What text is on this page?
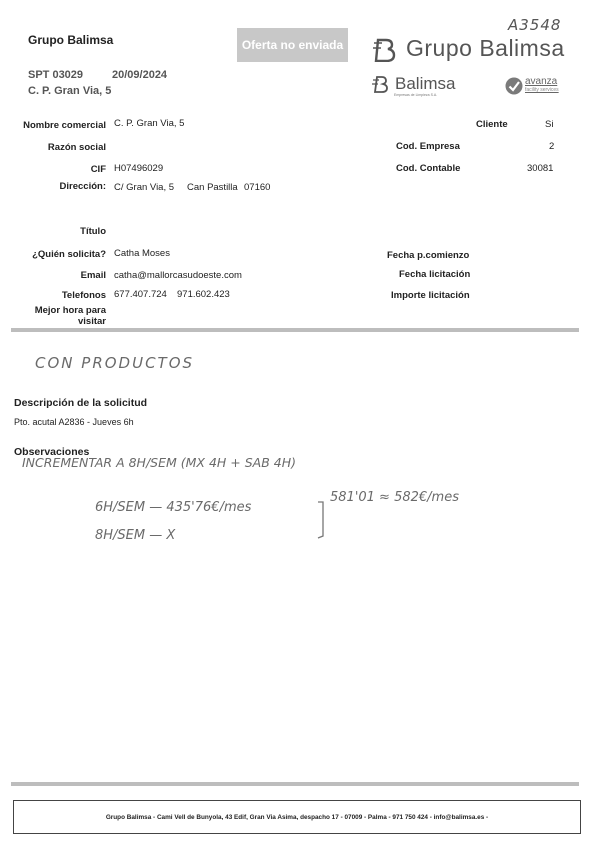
Grupo Balimsa	Oferta no enviada
A3548
Grupo Balimsa
Balimsa
Empresas de Limpieza S.A.
avanza
facility services
SPT 03029	20/09/2024
C. P. Gran Via, 5
Nombre comercial C. P. Gran Via, 5
Razón social
CIF H07496029
Dirección: C/ Gran Via, 5 Can Pastilla 07160
Título
¿Quién solicita? Catha Moses
Email catha@mallorcasudoeste.com
Telefonos 677.407.724 971.602.423
Mejor hora para visitar
Cliente	Si
Cod. Empresa	2
Cod. Contable	30081
Fecha p.comienzo
Fecha licitación
Importe licitación
CON PRODUCTOS
Descripción de la solicitud
Pto. acutal A2836 - Jueves 6h
Observaciones
INCREMENTAR A 8H/SEM (MX 4H + SAB 4H)
6H/SEM — 435'76€/mes
581'01 ≈ 582€/mes
8H/SEM — X
Grupo Balimsa - Cami Vell de Bunyola, 43 Edif, Gran Via Asima, despacho 17 - 07009 - Palma - 971 750 424 - info@balimsa.es -
